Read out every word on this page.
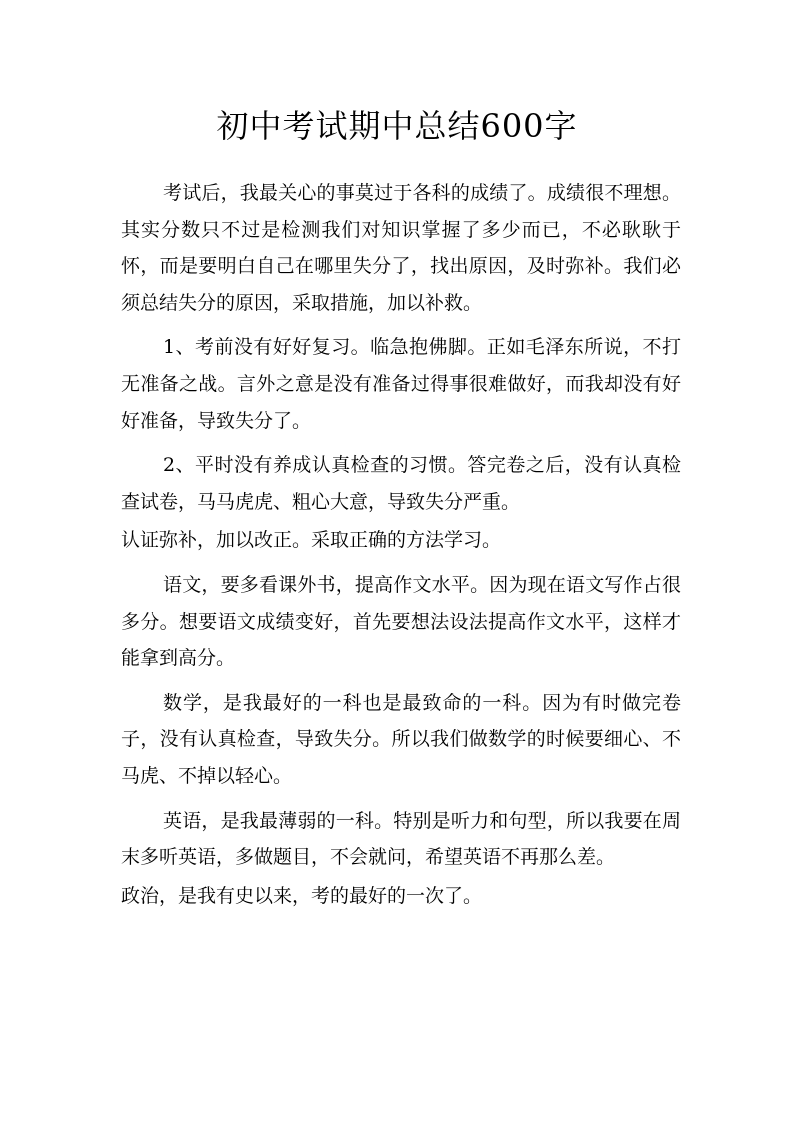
初中考试期中总结600字

考试后，我最关心的事莫过于各科的成绩了。成绩很不理想。其实分数只不过是检测我们对知识掌握了多少而已，不必耿耿于怀，而是要明白自己在哪里失分了，找出原因，及时弥补。我们必须总结失分的原因，采取措施，加以补救。

1、考前没有好好复习。临急抱佛脚。正如毛泽东所说，不打无准备之战。言外之意是没有准备过得事很难做好，而我却没有好好准备，导致失分了。

2、平时没有养成认真检查的习惯。答完卷之后，没有认真检查试卷，马马虎虎、粗心大意，导致失分严重。

认证弥补，加以改正。采取正确的方法学习。

语文，要多看课外书，提高作文水平。因为现在语文写作占很多分。想要语文成绩变好，首先要想法设法提高作文水平，这样才能拿到高分。

数学，是我最好的一科也是最致命的一科。因为有时做完卷子，没有认真检查，导致失分。所以我们做数学的时候要细心、不马虎、不掉以轻心。

英语，是我最薄弱的一科。特别是听力和句型，所以我要在周末多听英语，多做题目，不会就问，希望英语不再那么差。

政治，是我有史以来，考的最好的一次了。
